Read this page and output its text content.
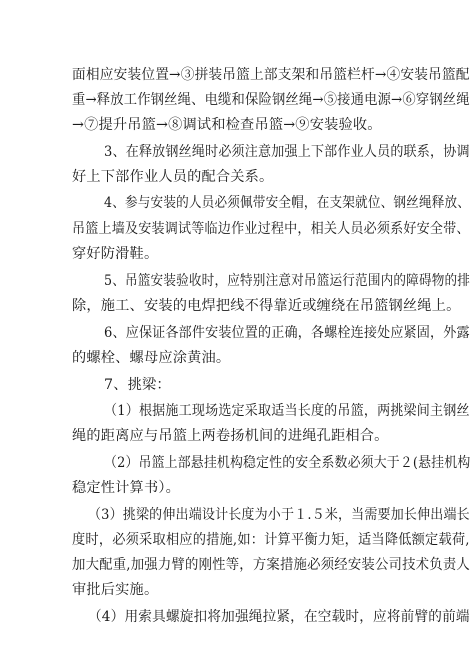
面相应安装位置→③拼装吊篮上部支架和吊篮栏杆→④安装吊篮配
重→释放工作钢丝绳、电缆和保险钢丝绳→⑤接通电源→⑥穿钢丝绳
→⑦提升吊篮→⑧调试和检查吊篮→⑨安装验收。
3、在释放钢丝绳时必须注意加强上下部作业人员的联系，协调
好上下部作业人员的配合关系。
4、参与安装的人员必须佩带安全帽，在支架就位、钢丝绳释放、
吊篮上墙及安装调试等临边作业过程中，相关人员必须系好安全带、
穿好防滑鞋。
5、吊篮安装验收时，应特别注意对吊篮运行范围内的障碍物的排
除，施工、安装的电焊把线不得靠近或缠绕在吊篮钢丝绳上。
6、应保证各部件安装位置的正确，各螺栓连接处应紧固，外露
的螺栓、螺母应涂黄油。
7、挑梁：
（1）根据施工现场选定采取适当长度的吊篮，两挑梁间主钢丝
绳的距离应与吊篮上两卷扬机间的进绳孔距相合。
（2）吊篮上部悬挂机构稳定性的安全系数必须大于２(悬挂机构
稳定性计算书）。
（3）挑梁的伸出端设计长度为小于１.５米，当需要加长伸出端长
度时，必须采取相应的措施,如：计算平衡力矩，适当降低额定载荷,
加大配重,加强力臂的刚性等，方案措施必须经安装公司技术负责人
审批后实施。
（4）用索具螺旋扣将加强绳拉紧，在空载时，应将前臂的前端
